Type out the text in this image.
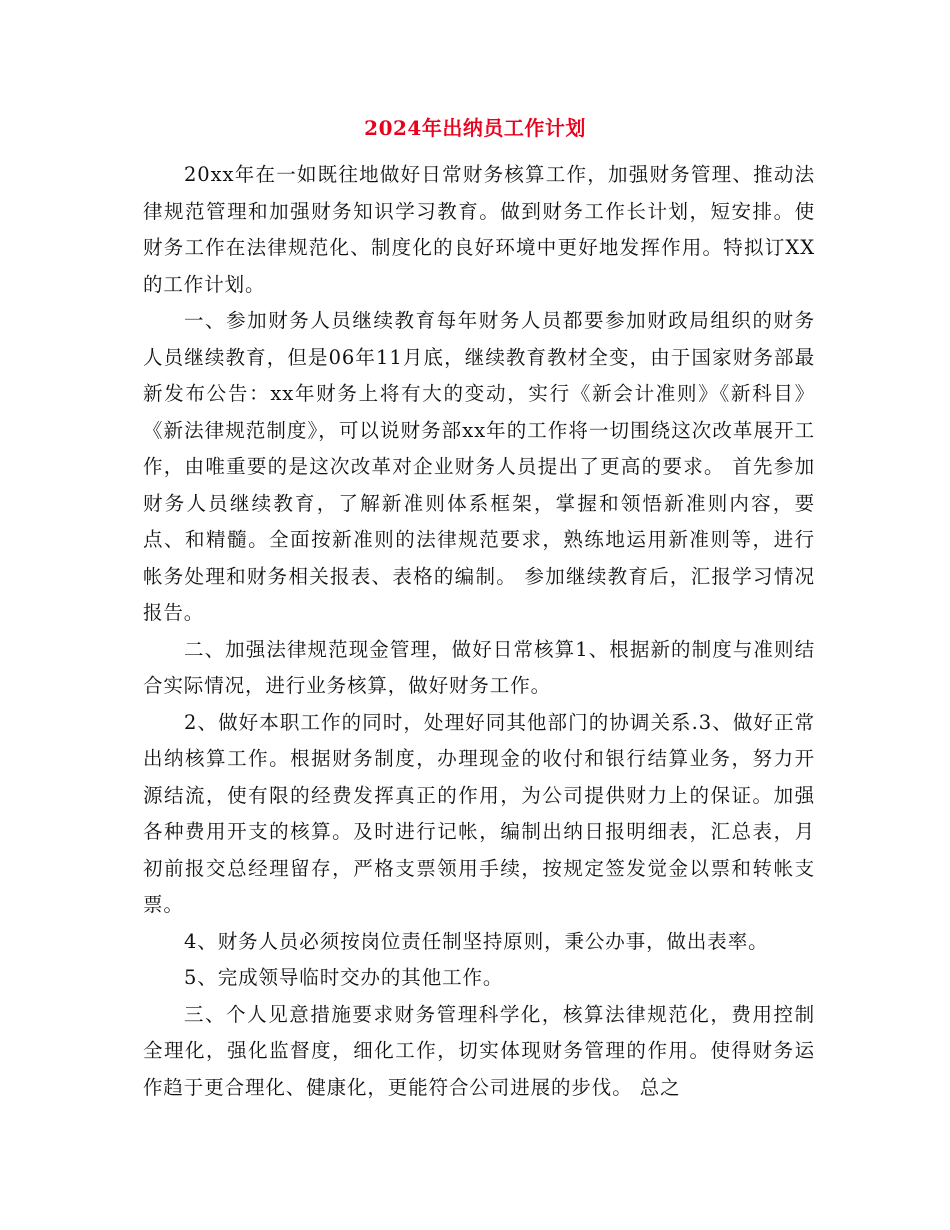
2024年出纳员工作计划

20xx年在一如既往地做好日常财务核算工作，加强财务管理、推动法律规范管理和加强财务知识学习教育。做到财务工作长计划，短安排。使财务工作在法律规范化、制度化的良好环境中更好地发挥作用。特拟订XX的工作计划。

一、参加财务人员继续教育每年财务人员都要参加财政局组织的财务人员继续教育，但是06年11月底，继续教育教材全变，由于国家财务部最新发布公告：xx年财务上将有大的变动，实行《新会计准则》《新科目》《新法律规范制度》，可以说财务部xx年的工作将一切围绕这次改革展开工作，由唯重要的是这次改革对企业财务人员提出了更高的要求。 首先参加财务人员继续教育，了解新准则体系框架，掌握和领悟新准则内容，要点、和精髓。全面按新准则的法律规范要求，熟练地运用新准则等，进行帐务处理和财务相关报表、表格的编制。 参加继续教育后，汇报学习情况报告。

二、加强法律规范现金管理，做好日常核算1、根据新的制度与准则结合实际情况，进行业务核算，做好财务工作。

2、做好本职工作的同时，处理好同其他部门的协调关系.3、做好正常出纳核算工作。根据财务制度，办理现金的收付和银行结算业务，努力开源结流，使有限的经费发挥真正的作用，为公司提供财力上的保证。加强各种费用开支的核算。及时进行记帐，编制出纳日报明细表，汇总表，月初前报交总经理留存，严格支票领用手续，按规定签发觉金以票和转帐支票。

4、财务人员必须按岗位责任制坚持原则，秉公办事，做出表率。

5、完成领导临时交办的其他工作。

三、个人见意措施要求财务管理科学化，核算法律规范化，费用控制全理化，强化监督度，细化工作，切实体现财务管理的作用。使得财务运作趋于更合理化、健康化，更能符合公司进展的步伐。 总之
